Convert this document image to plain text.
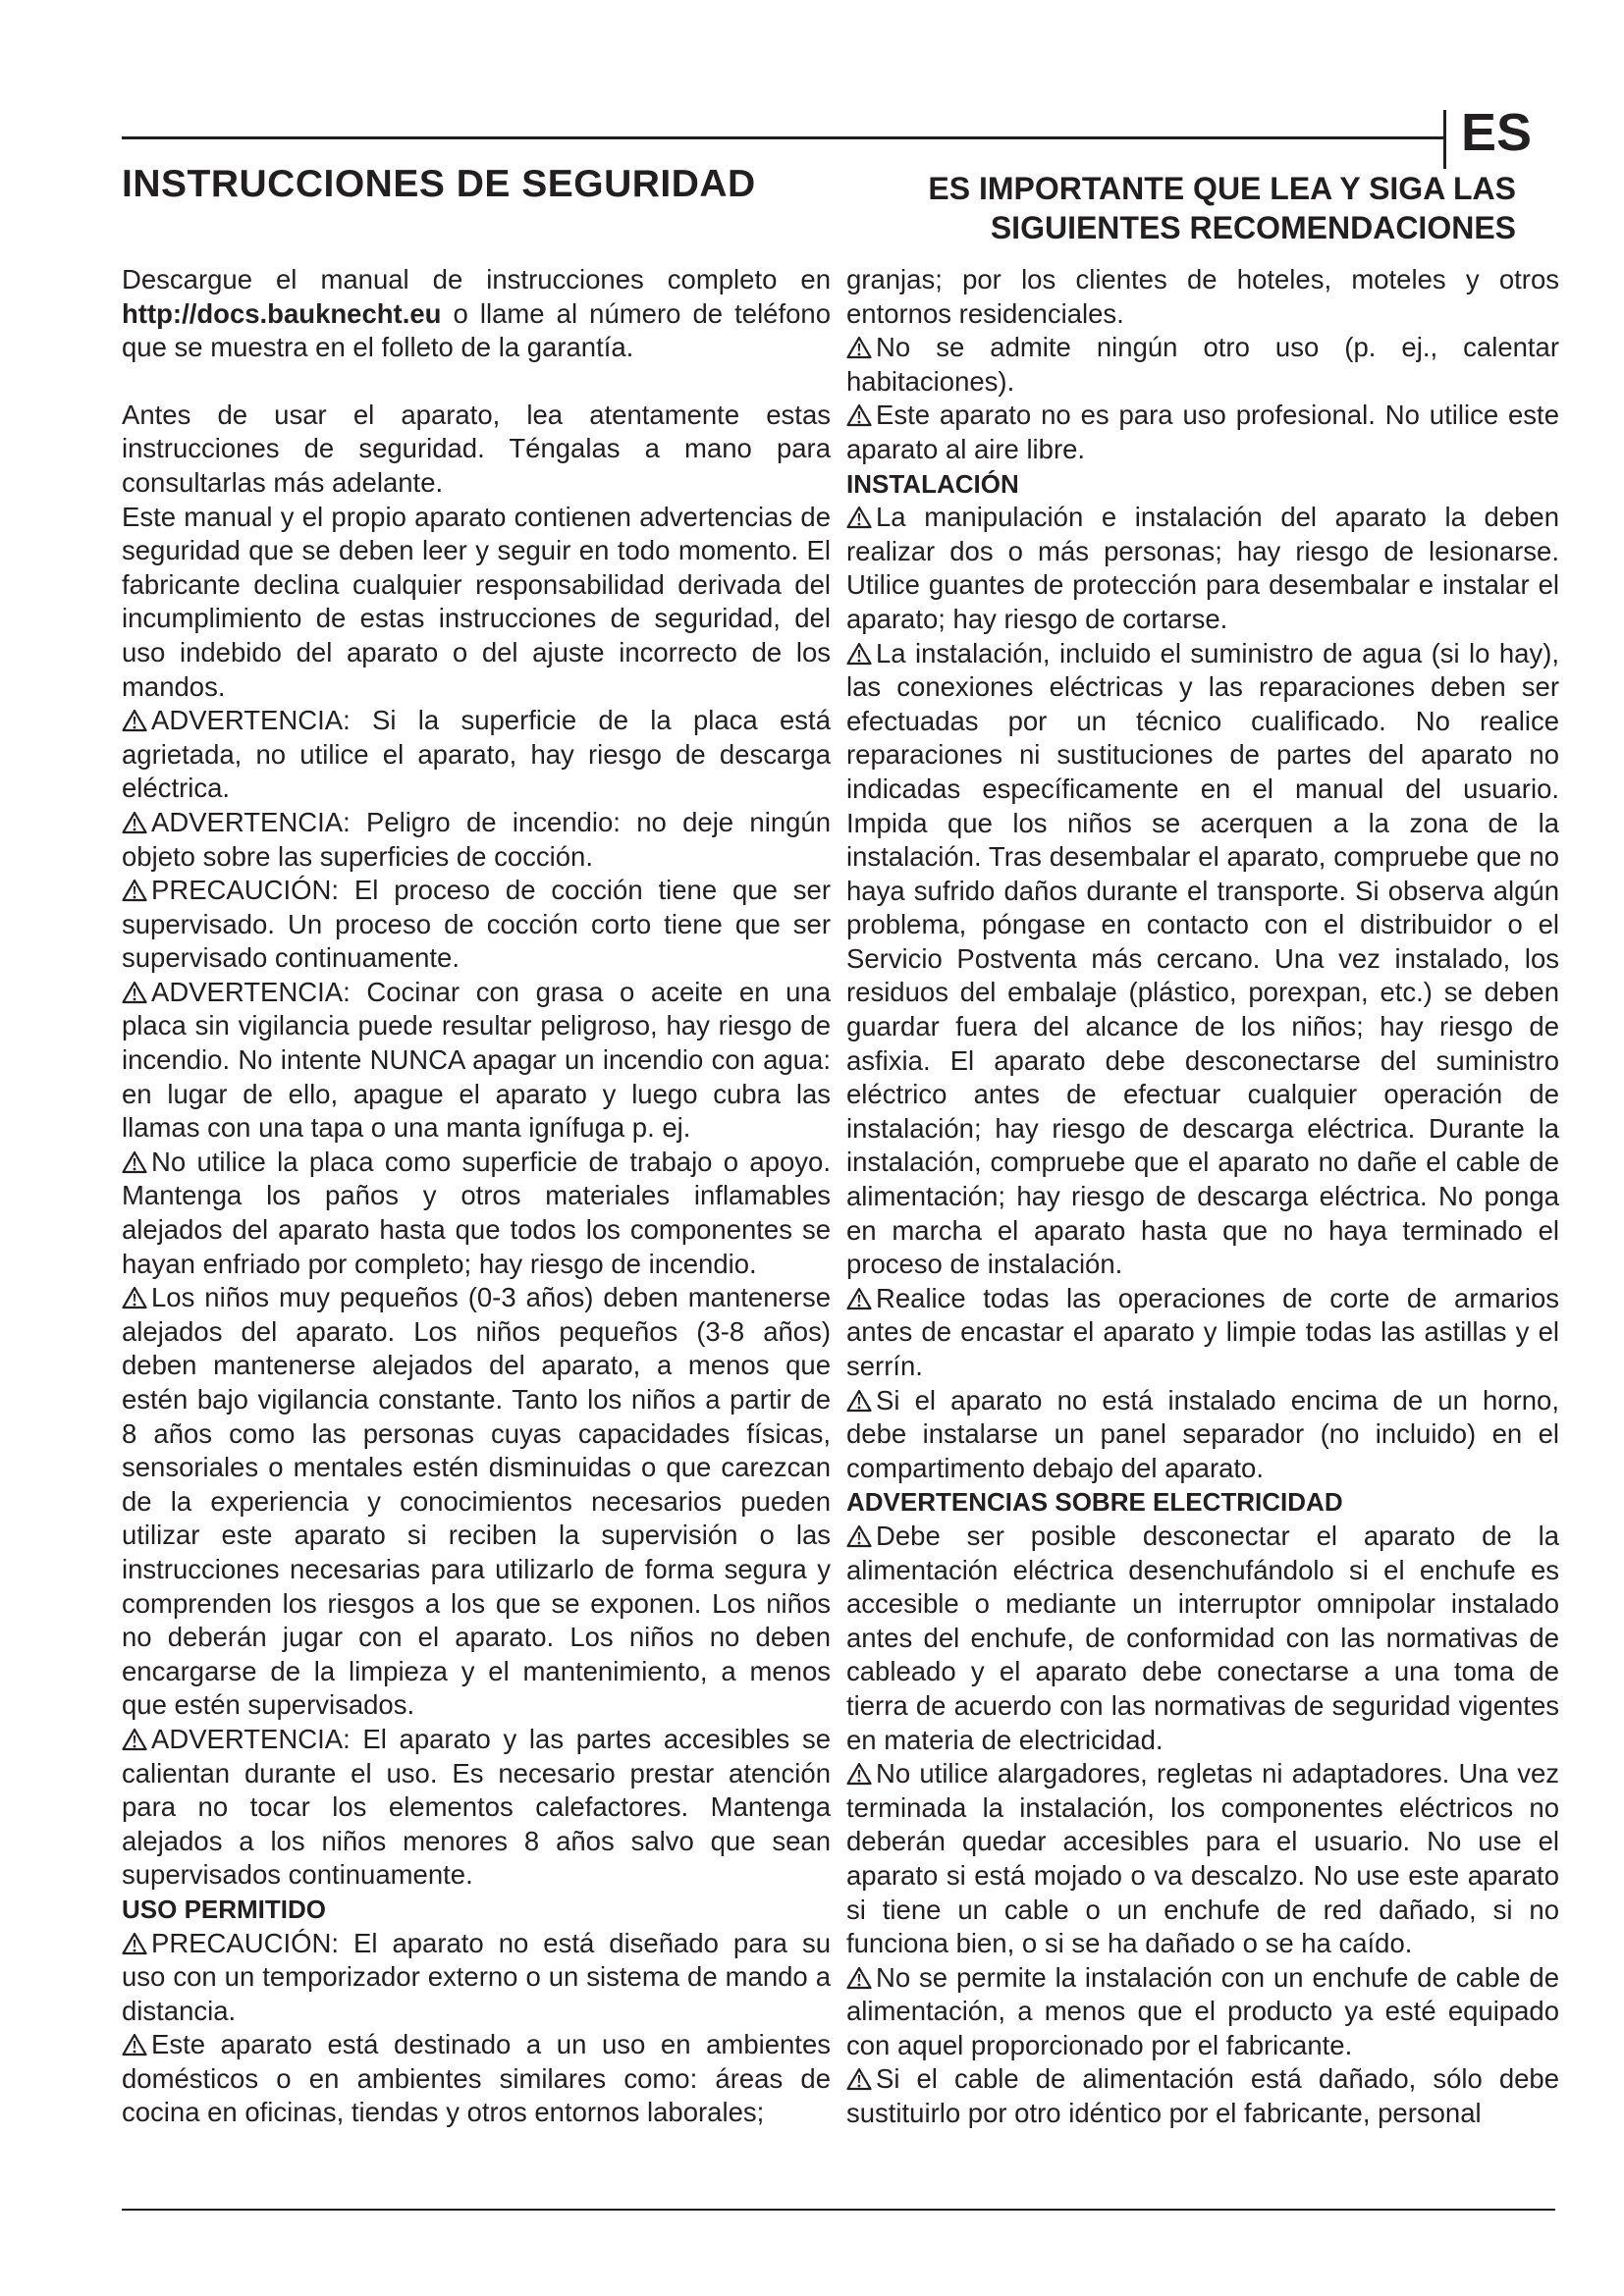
ES
INSTRUCCIONES DE SEGURIDAD	ES IMPORTANTE QUE LEA Y SIGA LAS
SIGUIENTES RECOMENDACIONES

Descargue el manual de instrucciones completo en http://docs.bauknecht.eu o llame al número de teléfono que se muestra en el folleto de la garantía.

Antes de usar el aparato, lea atentamente estas instrucciones de seguridad. Téngalas a mano para consultarlas más adelante.

Este manual y el propio aparato contienen advertencias de seguridad que se deben leer y seguir en todo momento. El fabricante declina cualquier responsabilidad derivada del incumplimiento de estas instrucciones de seguridad, del uso indebido del aparato o del ajuste incorrecto de los mandos.

ADVERTENCIA: Si la superficie de la placa está agrietada, no utilice el aparato, hay riesgo de descarga eléctrica.

ADVERTENCIA: Peligro de incendio: no deje ningún objeto sobre las superficies de cocción.

PRECAUCIÓN: El proceso de cocción tiene que ser supervisado. Un proceso de cocción corto tiene que ser supervisado continuamente.

ADVERTENCIA: Cocinar con grasa o aceite en una placa sin vigilancia puede resultar peligroso, hay riesgo de incendio. No intente NUNCA apagar un incendio con agua: en lugar de ello, apague el aparato y luego cubra las llamas con una tapa o una manta ignífuga p. ej.

No utilice la placa como superficie de trabajo o apoyo. Mantenga los paños y otros materiales inflamables alejados del aparato hasta que todos los componentes se hayan enfriado por completo; hay riesgo de incendio.

Los niños muy pequeños (0-3 años) deben mantenerse alejados del aparato. Los niños pequeños (3-8 años) deben mantenerse alejados del aparato, a menos que estén bajo vigilancia constante. Tanto los niños a partir de 8 años como las personas cuyas capacidades físicas, sensoriales o mentales estén disminuidas o que carezcan de la experiencia y conocimientos necesarios pueden utilizar este aparato si reciben la supervisión o las instrucciones necesarias para utilizarlo de forma segura y comprenden los riesgos a los que se exponen. Los niños no deberán jugar con el aparato. Los niños no deben encargarse de la limpieza y el mantenimiento, a menos que estén supervisados.

ADVERTENCIA: El aparato y las partes accesibles se calientan durante el uso. Es necesario prestar atención para no tocar los elementos calefactores. Mantenga alejados a los niños menores 8 años salvo que sean supervisados continuamente.

USO PERMITIDO

PRECAUCIÓN: El aparato no está diseñado para su uso con un temporizador externo o un sistema de mando a distancia.

Este aparato está destinado a un uso en ambientes domésticos o en ambientes similares como: áreas de cocina en oficinas, tiendas y otros entornos laborales;

granjas; por los clientes de hoteles, moteles y otros entornos residenciales.

No se admite ningún otro uso (p. ej., calentar habitaciones).

Este aparato no es para uso profesional. No utilice este aparato al aire libre.

INSTALACIÓN

La manipulación e instalación del aparato la deben realizar dos o más personas; hay riesgo de lesionarse. Utilice guantes de protección para desembalar e instalar el aparato; hay riesgo de cortarse.

La instalación, incluido el suministro de agua (si lo hay), las conexiones eléctricas y las reparaciones deben ser efectuadas por un técnico cualificado. No realice reparaciones ni sustituciones de partes del aparato no indicadas específicamente en el manual del usuario. Impida que los niños se acerquen a la zona de la instalación. Tras desembalar el aparato, compruebe que no haya sufrido daños durante el transporte. Si observa algún problema, póngase en contacto con el distribuidor o el Servicio Postventa más cercano. Una vez instalado, los residuos del embalaje (plástico, porexpan, etc.) se deben guardar fuera del alcance de los niños; hay riesgo de asfixia. El aparato debe desconectarse del suministro eléctrico antes de efectuar cualquier operación de instalación; hay riesgo de descarga eléctrica. Durante la instalación, compruebe que el aparato no dañe el cable de alimentación; hay riesgo de descarga eléctrica. No ponga en marcha el aparato hasta que no haya terminado el proceso de instalación.

Realice todas las operaciones de corte de armarios antes de encastar el aparato y limpie todas las astillas y el serrín.

Si el aparato no está instalado encima de un horno, debe instalarse un panel separador (no incluido) en el compartimento debajo del aparato.

ADVERTENCIAS SOBRE ELECTRICIDAD

Debe ser posible desconectar el aparato de la alimentación eléctrica desenchufándolo si el enchufe es accesible o mediante un interruptor omnipolar instalado antes del enchufe, de conformidad con las normativas de cableado y el aparato debe conectarse a una toma de tierra de acuerdo con las normativas de seguridad vigentes en materia de electricidad.

No utilice alargadores, regletas ni adaptadores. Una vez terminada la instalación, los componentes eléctricos no deberán quedar accesibles para el usuario. No use el aparato si está mojado o va descalzo. No use este aparato si tiene un cable o un enchufe de red dañado, si no funciona bien, o si se ha dañado o se ha caído.

No se permite la instalación con un enchufe de cable de alimentación, a menos que el producto ya esté equipado con aquel proporcionado por el fabricante.

Si el cable de alimentación está dañado, sólo debe sustituirlo por otro idéntico por el fabricante, personal
